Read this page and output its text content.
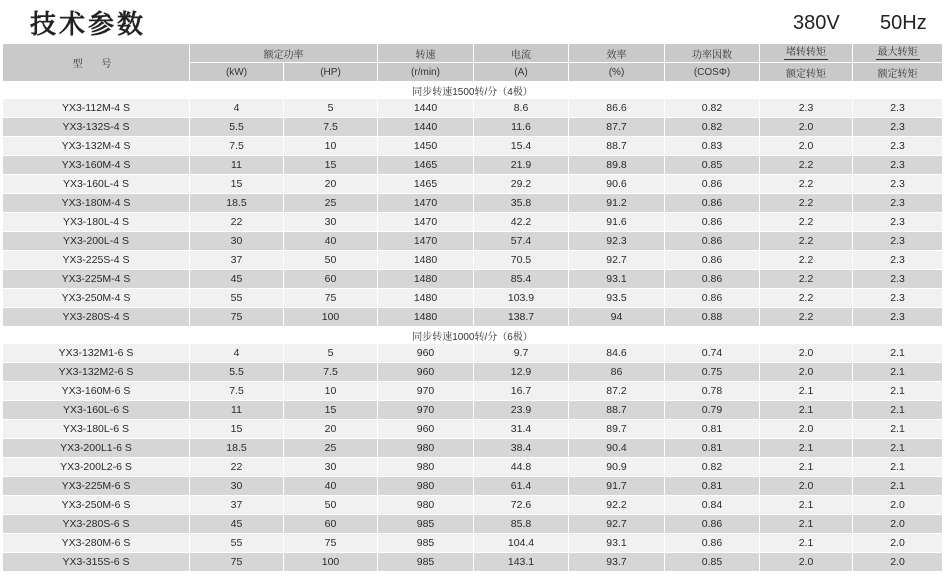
技术参数	380V 50Hz
型 号	额定功率		转速	电流	效率	功率因数	堵转转矩	最大转矩
	(kW)	(HP)	(r/min)	(A)	(%)	(COSΦ)	额定转矩	额定转矩
同步转速1500转/分（4极）								
YX3-112M-4 S	4	5	1440	8.6	86.6	0.82	2.3	2.3
YX3-132S-4 S	5.5	7.5	1440	11.6	87.7	0.82	2.0	2.3
YX3-132M-4 S	7.5	10	1450	15.4	88.7	0.83	2.0	2.3
YX3-160M-4 S	11	15	1465	21.9	89.8	0.85	2.2	2.3
YX3-160L-4 S	15	20	1465	29.2	90.6	0.86	2.2	2.3
YX3-180M-4 S	18.5	25	1470	35.8	91.2	0.86	2.2	2.3
YX3-180L-4 S	22	30	1470	42.2	91.6	0.86	2.2	2.3
YX3-200L-4 S	30	40	1470	57.4	92.3	0.86	2.2	2.3
YX3-225S-4 S	37	50	1480	70.5	92.7	0.86	2.2	2.3
YX3-225M-4 S	45	60	1480	85.4	93.1	0.86	2.2	2.3
YX3-250M-4 S	55	75	1480	103.9	93.5	0.86	2.2	2.3
YX3-280S-4 S	75	100	1480	138.7	94	0.88	2.2	2.3
同步转速1000转/分（6极）								
YX3-132M1-6 S	4	5	960	9.7	84.6	0.74	2.0	2.1
YX3-132M2-6 S	5.5	7.5	960	12.9	86	0.75	2.0	2.1
YX3-160M-6 S	7.5	10	970	16.7	87.2	0.78	2.1	2.1
YX3-160L-6 S	11	15	970	23.9	88.7	0.79	2.1	2.1
YX3-180L-6 S	15	20	960	31.4	89.7	0.81	2.0	2.1
YX3-200L1-6 S	18.5	25	980	38.4	90.4	0.81	2.1	2.1
YX3-200L2-6 S	22	30	980	44.8	90.9	0.82	2.1	2.1
YX3-225M-6 S	30	40	980	61.4	91.7	0.81	2.0	2.1
YX3-250M-6 S	37	50	980	72.6	92.2	0.84	2.1	2.0
YX3-280S-6 S	45	60	985	85.8	92.7	0.86	2.1	2.0
YX3-280M-6 S	55	75	985	104.4	93.1	0.86	2.1	2.0
YX3-315S-6 S	75	100	985	143.1	93.7	0.85	2.0	2.0
